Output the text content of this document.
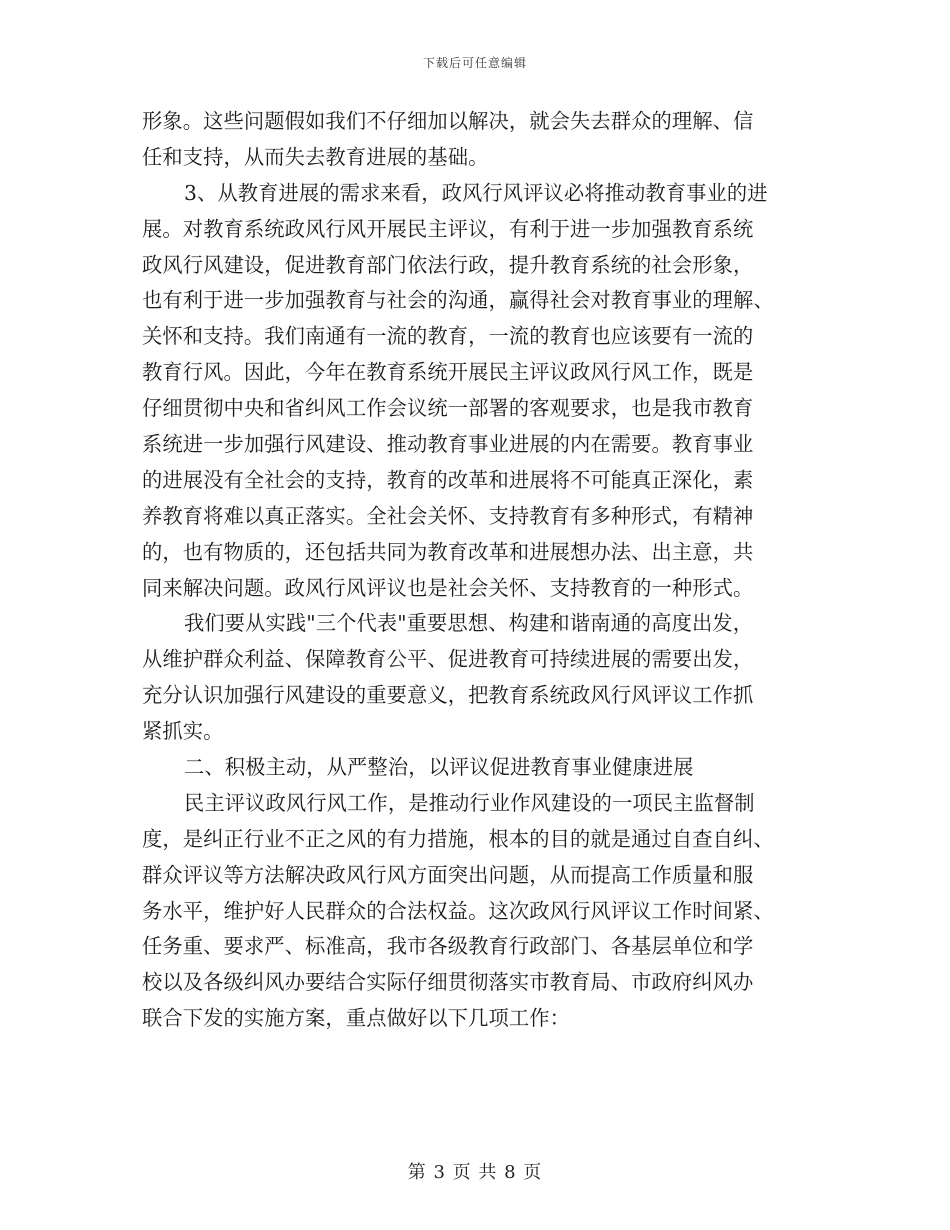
下载后可任意编辑
形象。这些问题假如我们不仔细加以解决，就会失去群众的理解、信
任和支持，从而失去教育进展的基础。
3、从教育进展的需求来看，政风行风评议必将推动教育事业的进
展。对教育系统政风行风开展民主评议，有利于进一步加强教育系统
政风行风建设，促进教育部门依法行政，提升教育系统的社会形象，
也有利于进一步加强教育与社会的沟通，赢得社会对教育事业的理解、
关怀和支持。我们南通有一流的教育，一流的教育也应该要有一流的
教育行风。因此，今年在教育系统开展民主评议政风行风工作，既是
仔细贯彻中央和省纠风工作会议统一部署的客观要求，也是我市教育
系统进一步加强行风建设、推动教育事业进展的内在需要。教育事业
的进展没有全社会的支持，教育的改革和进展将不可能真正深化，素
养教育将难以真正落实。全社会关怀、支持教育有多种形式，有精神
的，也有物质的，还包括共同为教育改革和进展想办法、出主意，共
同来解决问题。政风行风评议也是社会关怀、支持教育的一种形式。
我们要从实践"三个代表"重要思想、构建和谐南通的高度出发，
从维护群众利益、保障教育公平、促进教育可持续进展的需要出发，
充分认识加强行风建设的重要意义，把教育系统政风行风评议工作抓
紧抓实。
二、积极主动，从严整治，以评议促进教育事业健康进展
民主评议政风行风工作，是推动行业作风建设的一项民主监督制
度，是纠正行业不正之风的有力措施，根本的目的就是通过自查自纠、
群众评议等方法解决政风行风方面突出问题，从而提高工作质量和服
务水平，维护好人民群众的合法权益。这次政风行风评议工作时间紧、
任务重、要求严、标准高，我市各级教育行政部门、各基层单位和学
校以及各级纠风办要结合实际仔细贯彻落实市教育局、市政府纠风办
联合下发的实施方案，重点做好以下几项工作：
第 3 页 共 8 页
